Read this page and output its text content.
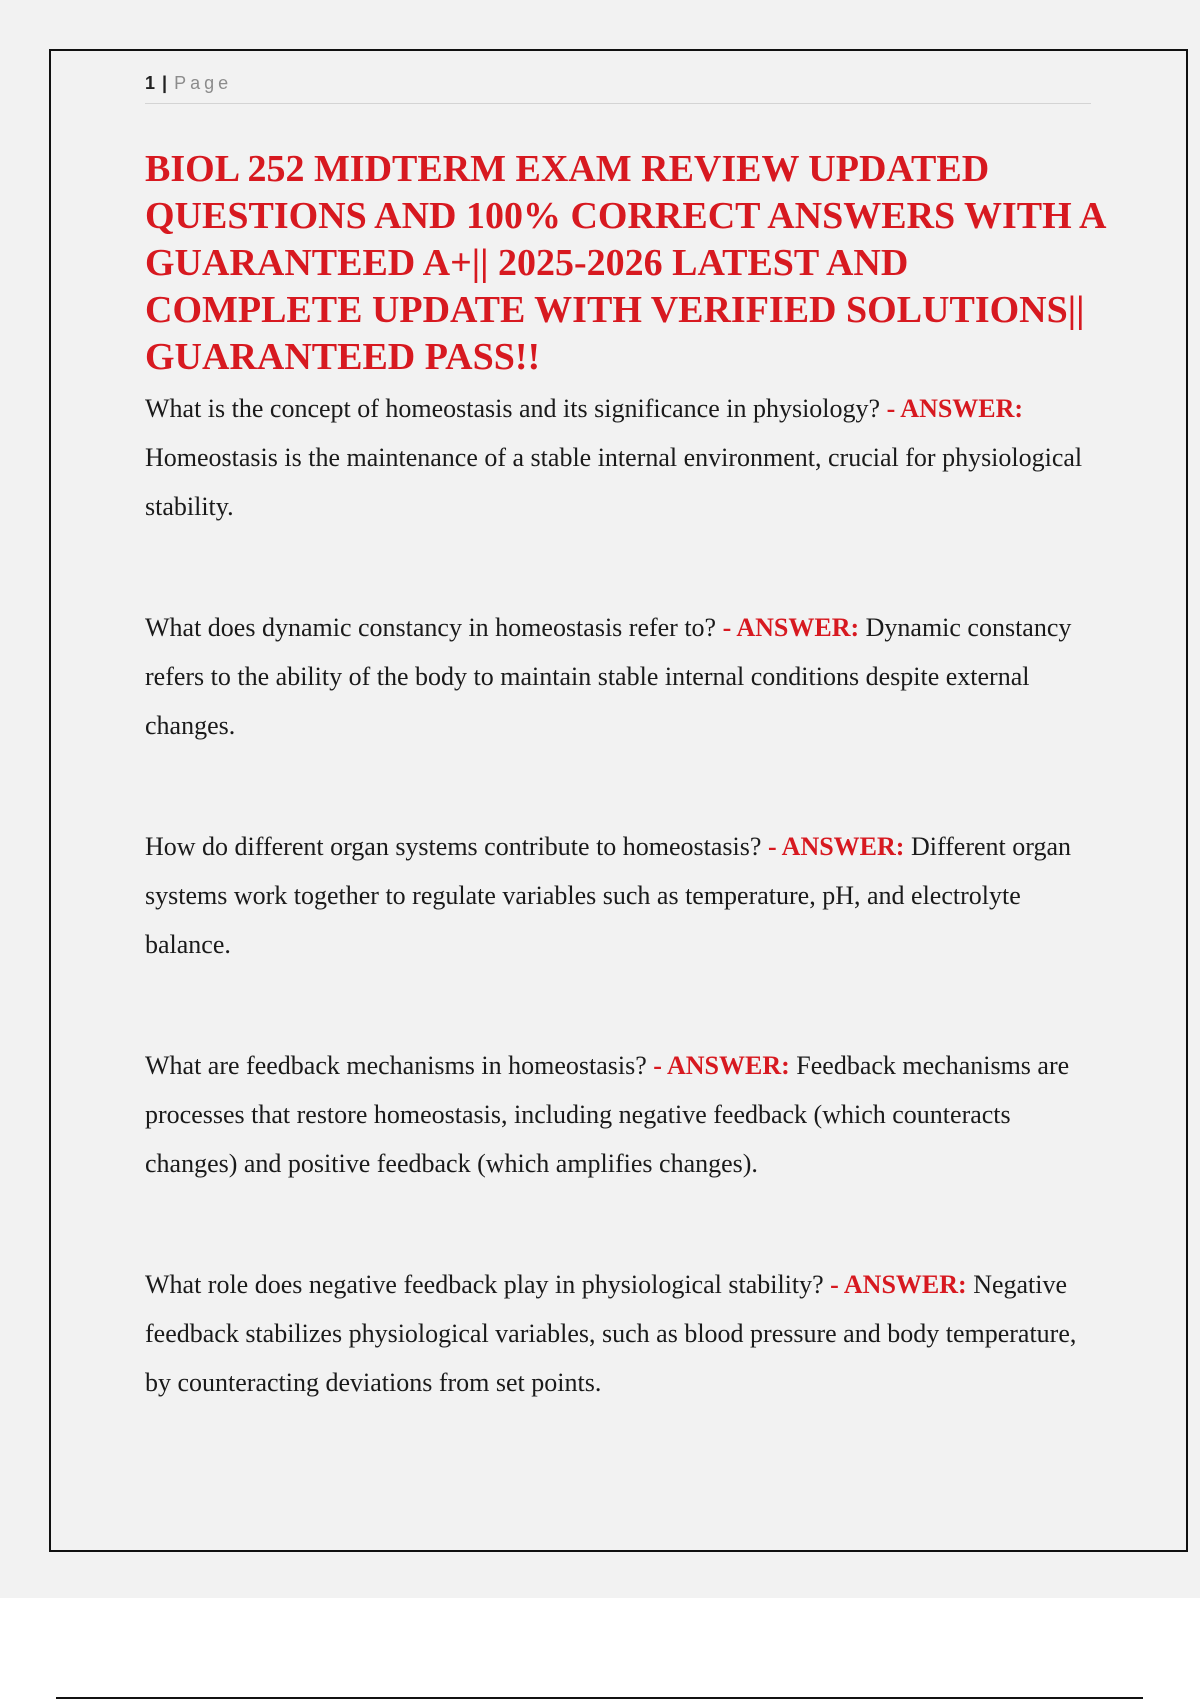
1 | Page
BIOL 252 MIDTERM EXAM REVIEW UPDATED QUESTIONS AND 100% CORRECT ANSWERS WITH A GUARANTEED A+|| 2025-2026 LATEST AND COMPLETE UPDATE WITH VERIFIED SOLUTIONS|| GUARANTEED PASS!!

What is the concept of homeostasis and its significance in physiology? - ANSWER: Homeostasis is the maintenance of a stable internal environment, crucial for physiological stability.

What does dynamic constancy in homeostasis refer to? - ANSWER: Dynamic constancy refers to the ability of the body to maintain stable internal conditions despite external changes.

How do different organ systems contribute to homeostasis? - ANSWER: Different organ systems work together to regulate variables such as temperature, pH, and electrolyte balance.

What are feedback mechanisms in homeostasis? - ANSWER: Feedback mechanisms are processes that restore homeostasis, including negative feedback (which counteracts changes) and positive feedback (which amplifies changes).

What role does negative feedback play in physiological stability? - ANSWER: Negative feedback stabilizes physiological variables, such as blood pressure and body temperature, by counteracting deviations from set points.
